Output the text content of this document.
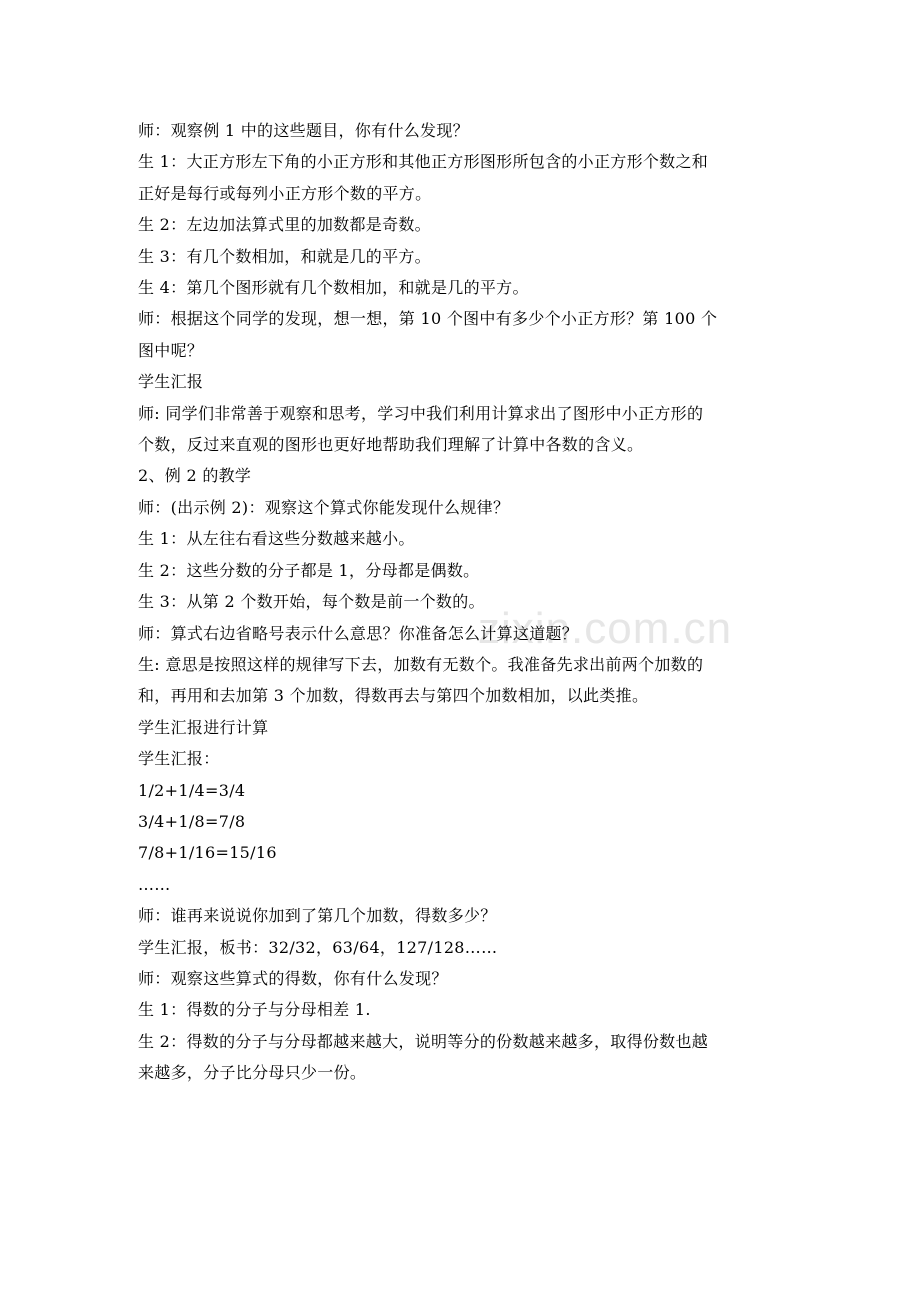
zixin.com.cn
师：观察例 1 中的这些题目，你有什么发现？
生 1：大正方形左下角的小正方形和其他正方形图形所包含的小正方形个数之和
正好是每行或每列小正方形个数的平方。
生 2：左边加法算式里的加数都是奇数。
生 3：有几个数相加，和就是几的平方。
生 4：第几个图形就有几个数相加，和就是几的平方。
师：根据这个同学的发现，想一想，第 10 个图中有多少个小正方形？第 100 个
图中呢？
学生汇报
师: 同学们非常善于观察和思考，学习中我们利用计算求出了图形中小正方形的
个数，反过来直观的图形也更好地帮助我们理解了计算中各数的含义。
2、例 2 的教学
师：(出示例 2)：观察这个算式你能发现什么规律？
生 1：从左往右看这些分数越来越小。
生 2：这些分数的分子都是 1，分母都是偶数。
生 3：从第 2 个数开始，每个数是前一个数的。
师：算式右边省略号表示什么意思？你准备怎么计算这道题？
生: 意思是按照这样的规律写下去，加数有无数个。我准备先求出前两个加数的
和，再用和去加第 3 个加数，得数再去与第四个加数相加，以此类推。
学生汇报进行计算
学生汇报：
1/2+1/4=3/4
3/4+1/8=7/8
7/8+1/16=15/16
……
师：谁再来说说你加到了第几个加数，得数多少？
学生汇报，板书：32/32，63/64，127/128……
师：观察这些算式的得数，你有什么发现？
生 1：得数的分子与分母相差 1.
生 2：得数的分子与分母都越来越大，说明等分的份数越来越多，取得份数也越
来越多，分子比分母只少一份。
